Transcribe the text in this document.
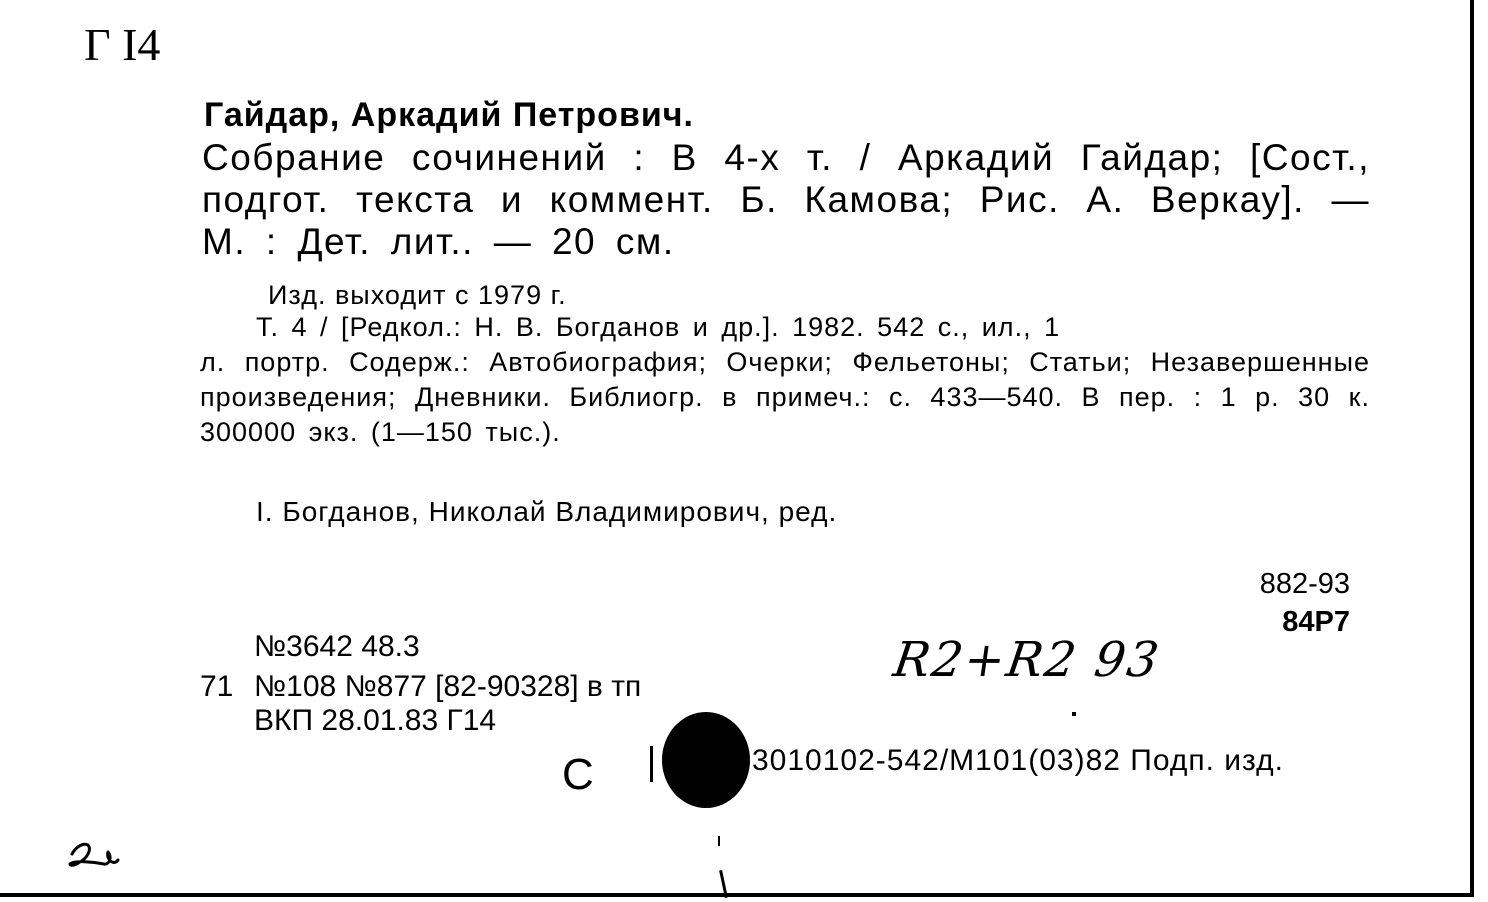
Г I4
Гайдар, Аркадий Петрович.
Собрание сочинений : В 4-х т. / Аркадий Гайдар; [Сост., подгот. текста и коммент. Б. Камова; Рис. А. Веркау]. — М. : Дет. лит.. — 20 см.
Изд. выходит с 1979 г.
Т. 4 / [Редкол.: Н. В. Богданов и др.]. 1982. 542 с., ил., 1
л. портр. Содерж.: Автобиография; Очерки; Фельетоны; Статьи; Незавершенные произведения; Дневники. Библиогр. в примеч.: с. 433—540. В пер. : 1 р. 30 к. 300000 экз. (1—150 тыс.).
I. Богданов, Николай Владимирович, ред.
882-93
84Р7
№3642 48.3
71 №108 №877 [82-90328] в тп
ВКП 28.01.83 Г14
С	3010102-542/М101(03)82 Подп. изд.
R2+R2 93
